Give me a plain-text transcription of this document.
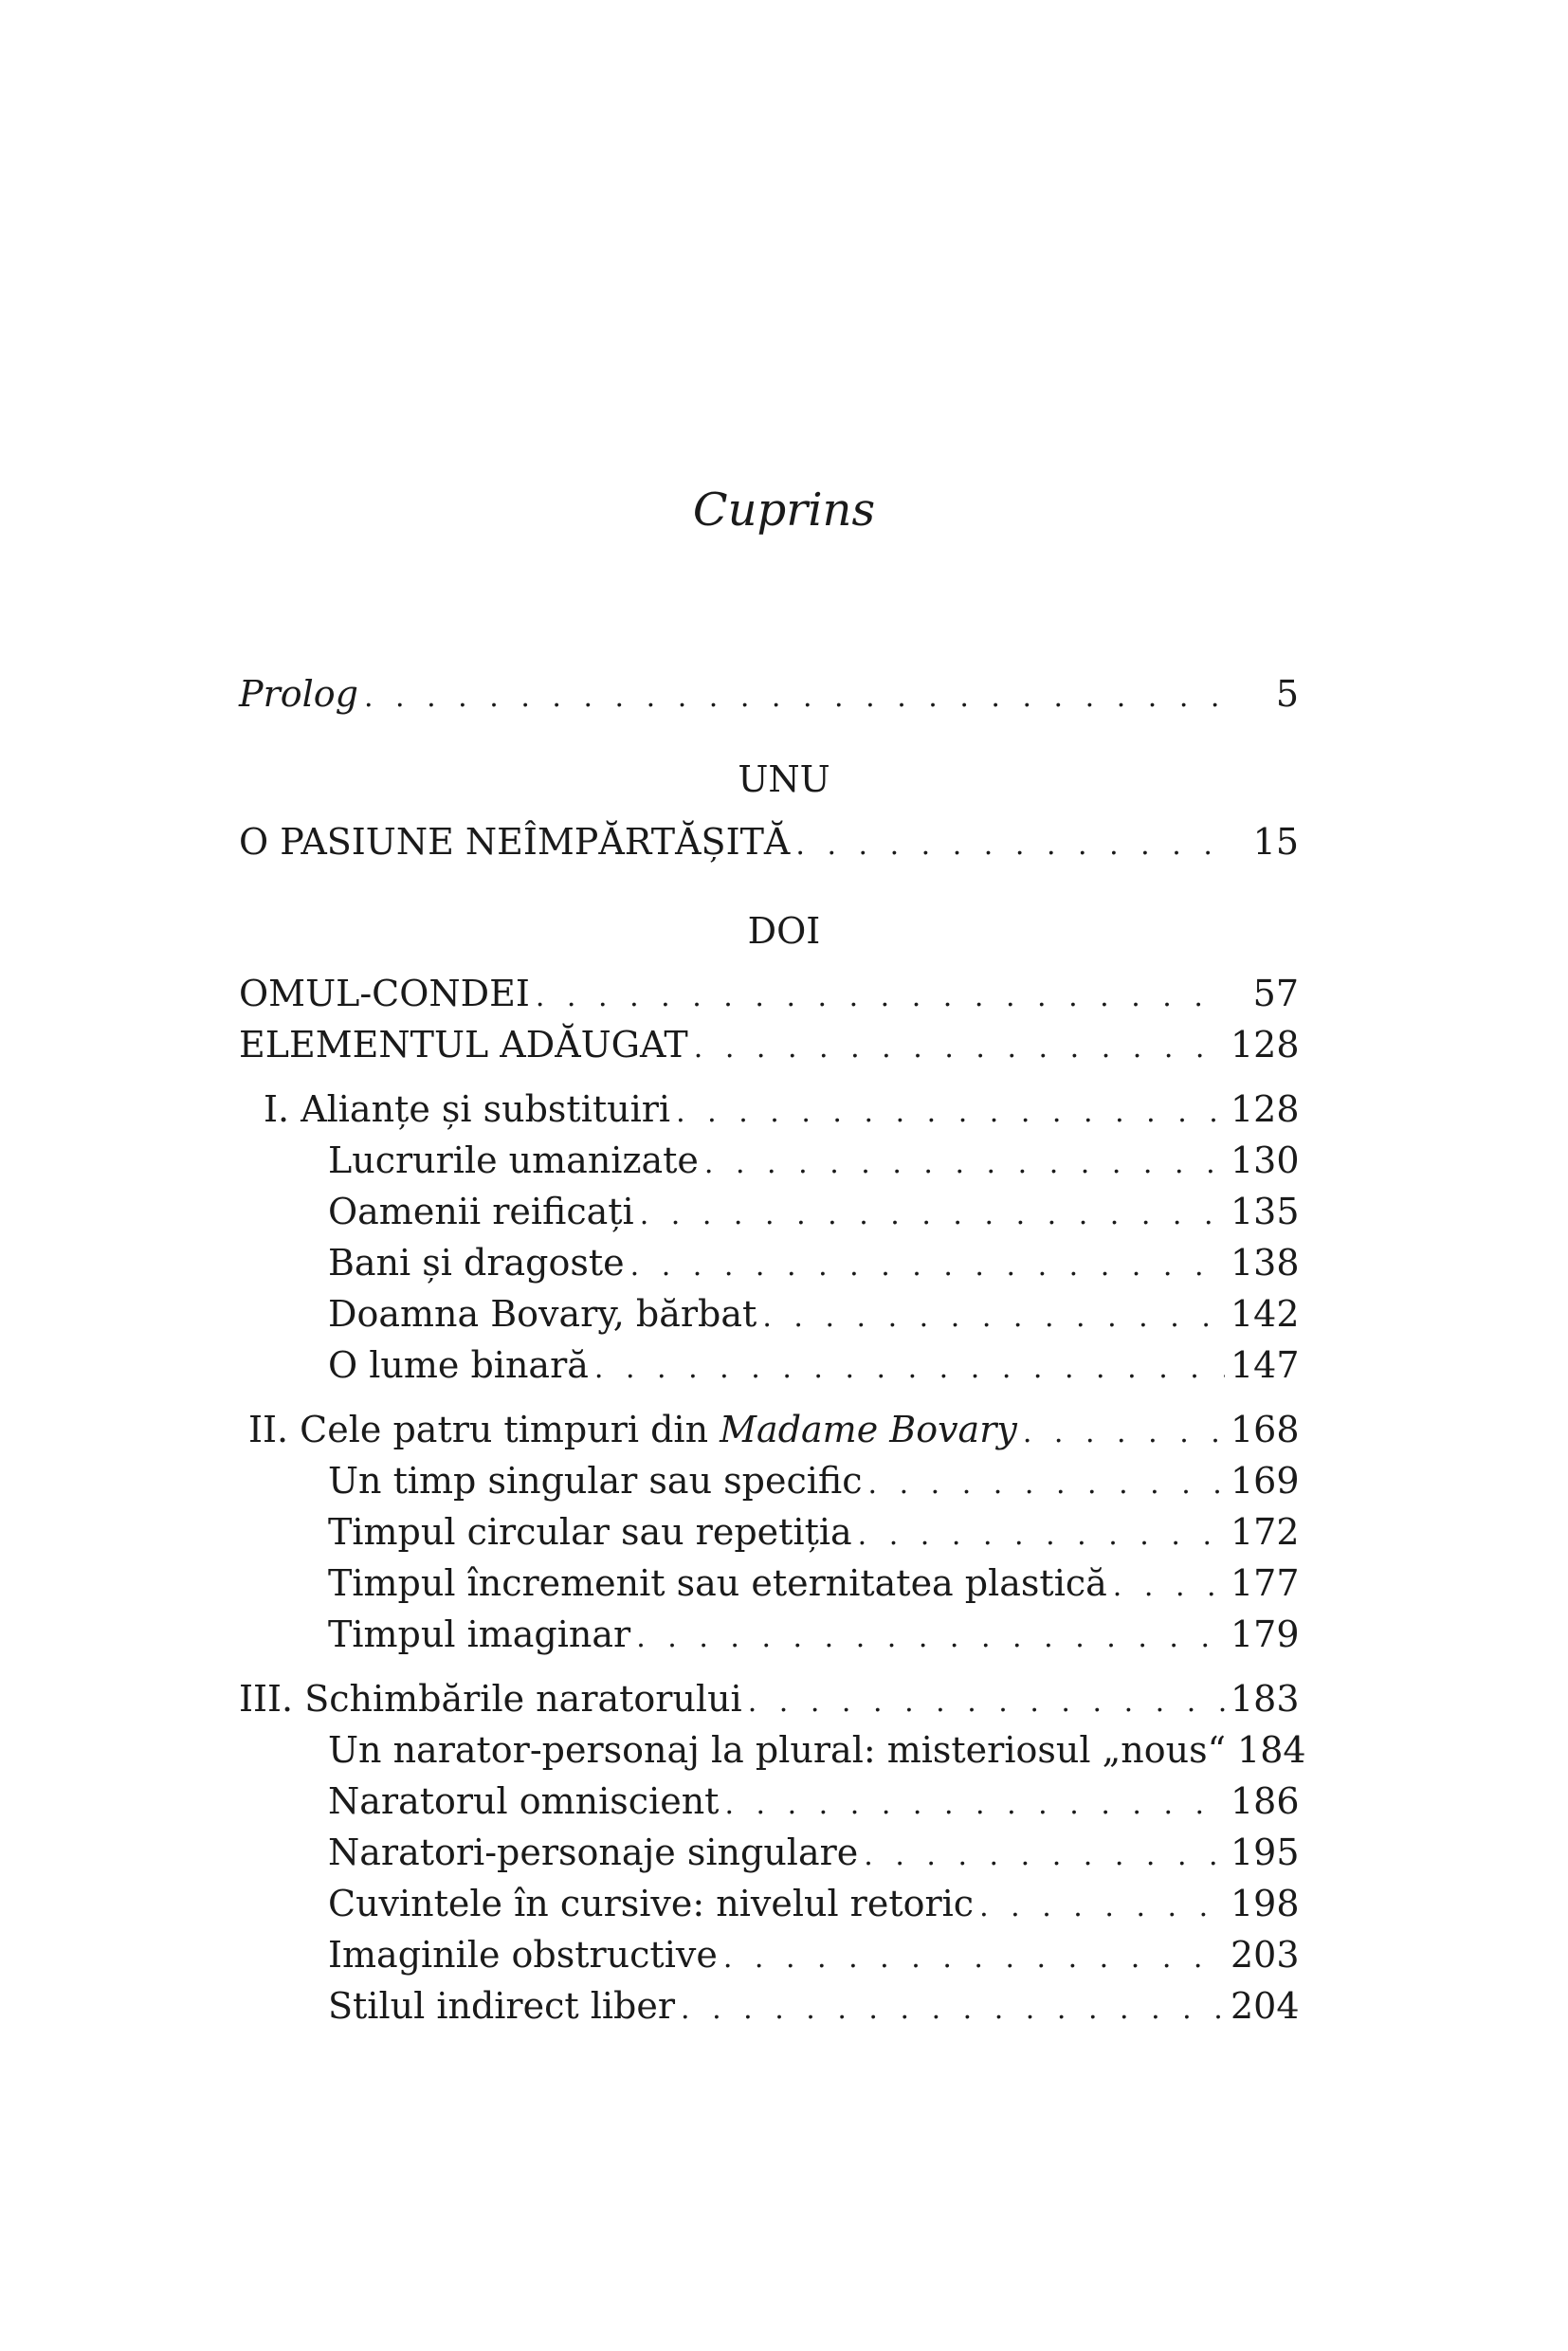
Cuprins
Prolog . . .	5
UNU
O PASIUNE NEÎMPĂRTĂȘITĂ . . .	15
DOI
OMUL-CONDEI . . .	57
ELEMENTUL ADĂUGAT . . .	128
I. Alianțe și substituiri . . .	128
Lucrurile umanizate . . .	130
Oamenii reificați . . .	135
Bani și dragoste . . .	138
Doamna Bovary, bărbat . . .	142
O lume binară . . .	147
II. Cele patru timpuri din Madame Bovary . . .	168
Un timp singular sau specific . . .	169
Timpul circular sau repetiția . . .	172
Timpul încremenit sau eternitatea plastică . . .	177
Timpul imaginar . . .	179
III. Schimbările naratorului . . .	183
Un narator-personaj la plural: misteriosul „nous“ 184
Naratorul omniscient . . .	186
Naratori-personaje singulare . . .	195
Cuvintele în cursive: nivelul retoric . . .	198
Imaginile obstructive . . .	203
Stilul indirect liber . . .	204
